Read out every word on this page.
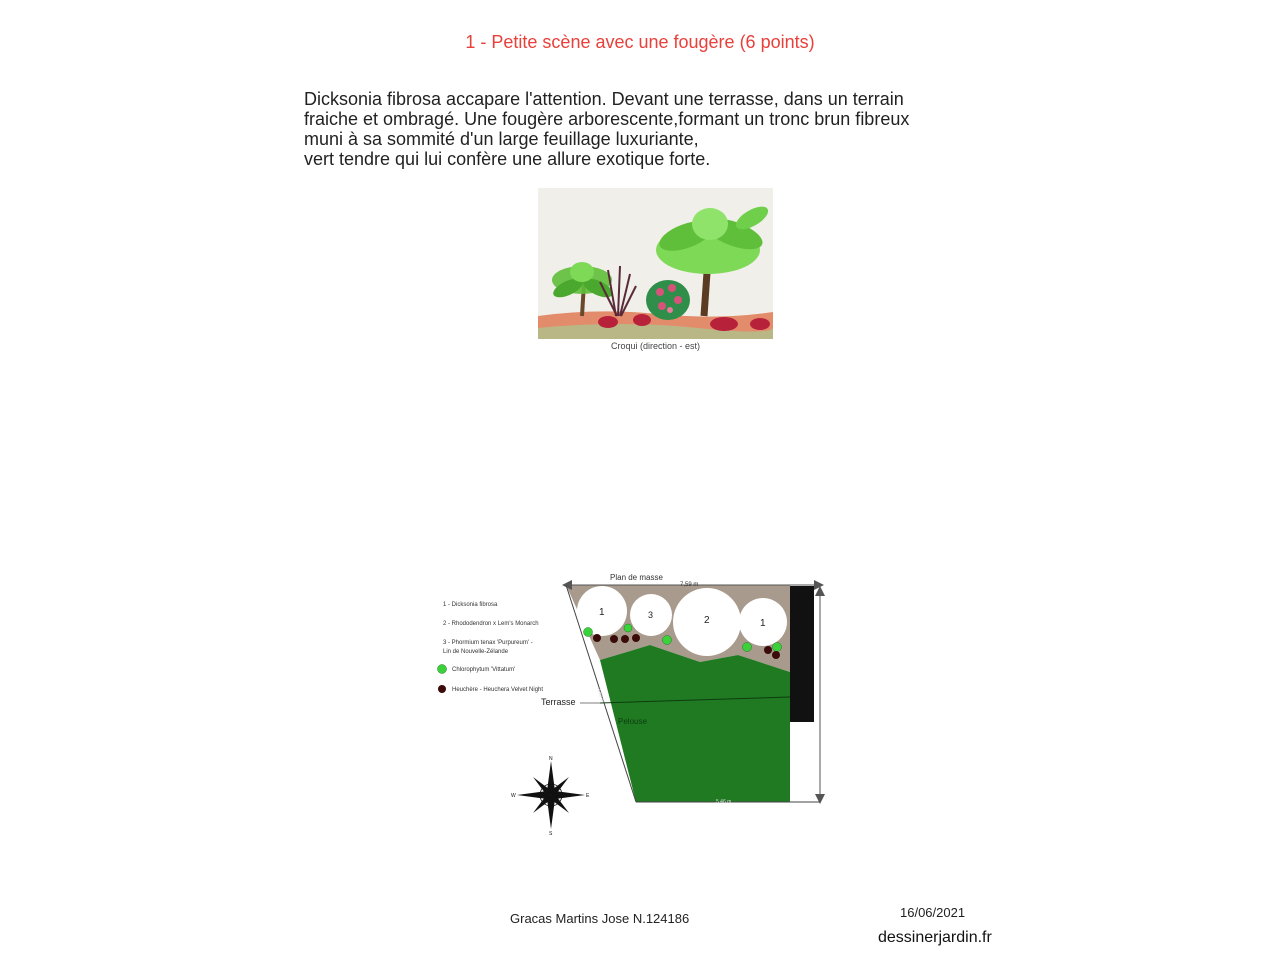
1 - Petite scène avec une fougère (6 points)

Dicksonia fibrosa accapare l'attention. Devant une terrasse, dans un terrain

fraiche et ombragé. Une fougère arborescente,formant un tronc brun fibreux

muni à sa sommité d'un large feuillage luxuriante,

vert tendre qui lui confère une allure exotique forte.

Croqui (direction - est)
Plan de masse
7,59 m
5,46 m
2,68 m
1	3	2	1
1 - Dicksonia fibrosa
2 - Rhododendron x Lem's Monarch
3 - Phormium tenax 'Purpureum' -
Lin de Nouvelle-Zélande
Chlorophytum 'Vittatum'
Heuchère - Heuchera Velvet Night
Terrasse
Pelouse
N
S
W	E
Gracas Martins Jose N.124186	16/06/2021
dessinerjardin.fr
